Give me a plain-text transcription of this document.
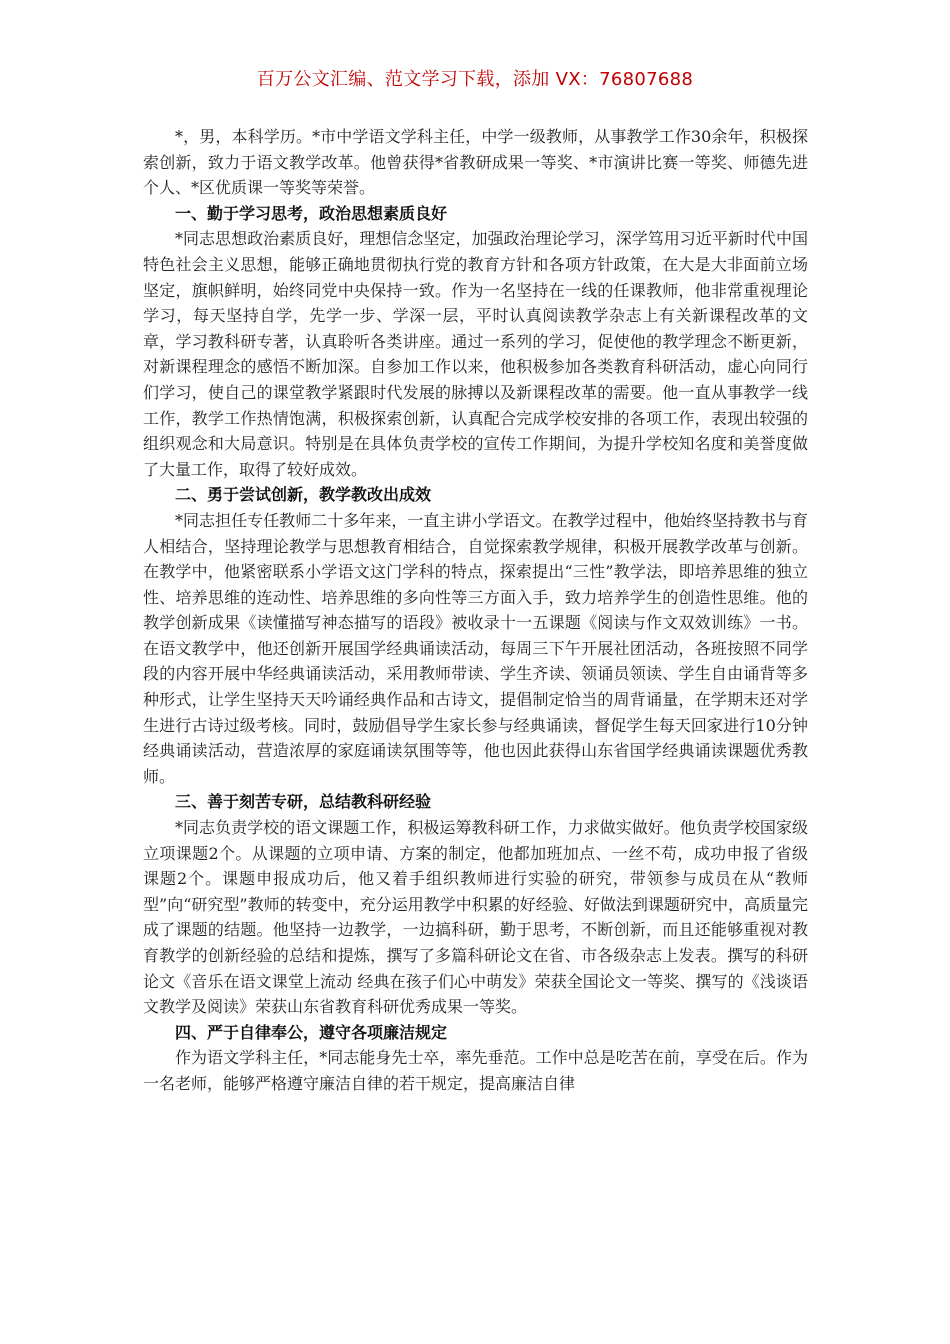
百万公文汇编、范文学习下载，添加 VX：76807688

*，男，本科学历。*市中学语文学科主任，中学一级教师，从事教学工作30余年，积极探索创新，致力于语文教学改革。他曾获得*省教研成果一等奖、*市演讲比赛一等奖、师德先进个人、*区优质课一等奖等荣誉。

一、勤于学习思考，政治思想素质良好

*同志思想政治素质良好，理想信念坚定，加强政治理论学习，深学笃用习近平新时代中国特色社会主义思想，能够正确地贯彻执行党的教育方针和各项方针政策，在大是大非面前立场坚定，旗帜鲜明，始终同党中央保持一致。作为一名坚持在一线的任课教师，他非常重视理论学习，每天坚持自学，先学一步、学深一层，平时认真阅读教学杂志上有关新课程改革的文章，学习教科研专著，认真聆听各类讲座。通过一系列的学习，促使他的教学理念不断更新，对新课程理念的感悟不断加深。自参加工作以来，他积极参加各类教育科研活动，虚心向同行们学习，使自己的课堂教学紧跟时代发展的脉搏以及新课程改革的需要。他一直从事教学一线工作，教学工作热情饱满，积极探索创新，认真配合完成学校安排的各项工作，表现出较强的组织观念和大局意识。特别是在具体负责学校的宣传工作期间，为提升学校知名度和美誉度做了大量工作，取得了较好成效。

二、勇于尝试创新，教学教改出成效

*同志担任专任教师二十多年来，一直主讲小学语文。在教学过程中，他始终坚持教书与育人相结合，坚持理论教学与思想教育相结合，自觉探索教学规律，积极开展教学改革与创新。在教学中，他紧密联系小学语文这门学科的特点，探索提出“三性”教学法，即培养思维的独立性、培养思维的连动性、培养思维的多向性等三方面入手，致力培养学生的创造性思维。他的教学创新成果《读懂描写神态描写的语段》被收录十一五课题《阅读与作文双效训练》一书。在语文教学中，他还创新开展国学经典诵读活动，每周三下午开展社团活动，各班按照不同学段的内容开展中华经典诵读活动，采用教师带读、学生齐读、领诵员领读、学生自由诵背等多种形式，让学生坚持天天吟诵经典作品和古诗文，提倡制定恰当的周背诵量，在学期末还对学生进行古诗过级考核。同时，鼓励倡导学生家长参与经典诵读，督促学生每天回家进行10分钟经典诵读活动，营造浓厚的家庭诵读氛围等等，他也因此获得山东省国学经典诵读课题优秀教师。

三、善于刻苦专研，总结教科研经验

*同志负责学校的语文课题工作，积极运筹教科研工作，力求做实做好。他负责学校国家级立项课题2个。从课题的立项申请、方案的制定，他都加班加点、一丝不苟，成功申报了省级课题2个。课题申报成功后，他又着手组织教师进行实验的研究，带领参与成员在从“教师型”向“研究型”教师的转变中，充分运用教学中积累的好经验、好做法到课题研究中，高质量完成了课题的结题。他坚持一边教学，一边搞科研，勤于思考，不断创新，而且还能够重视对教育教学的创新经验的总结和提炼，撰写了多篇科研论文在省、市各级杂志上发表。撰写的科研论文《音乐在语文课堂上流动 经典在孩子们心中萌发》荣获全国论文一等奖、撰写的《浅谈语文教学及阅读》荣获山东省教育科研优秀成果一等奖。

四、严于自律奉公，遵守各项廉洁规定

作为语文学科主任，*同志能身先士卒，率先垂范。工作中总是吃苦在前，享受在后。作为一名老师，能够严格遵守廉洁自律的若干规定，提高廉洁自律
